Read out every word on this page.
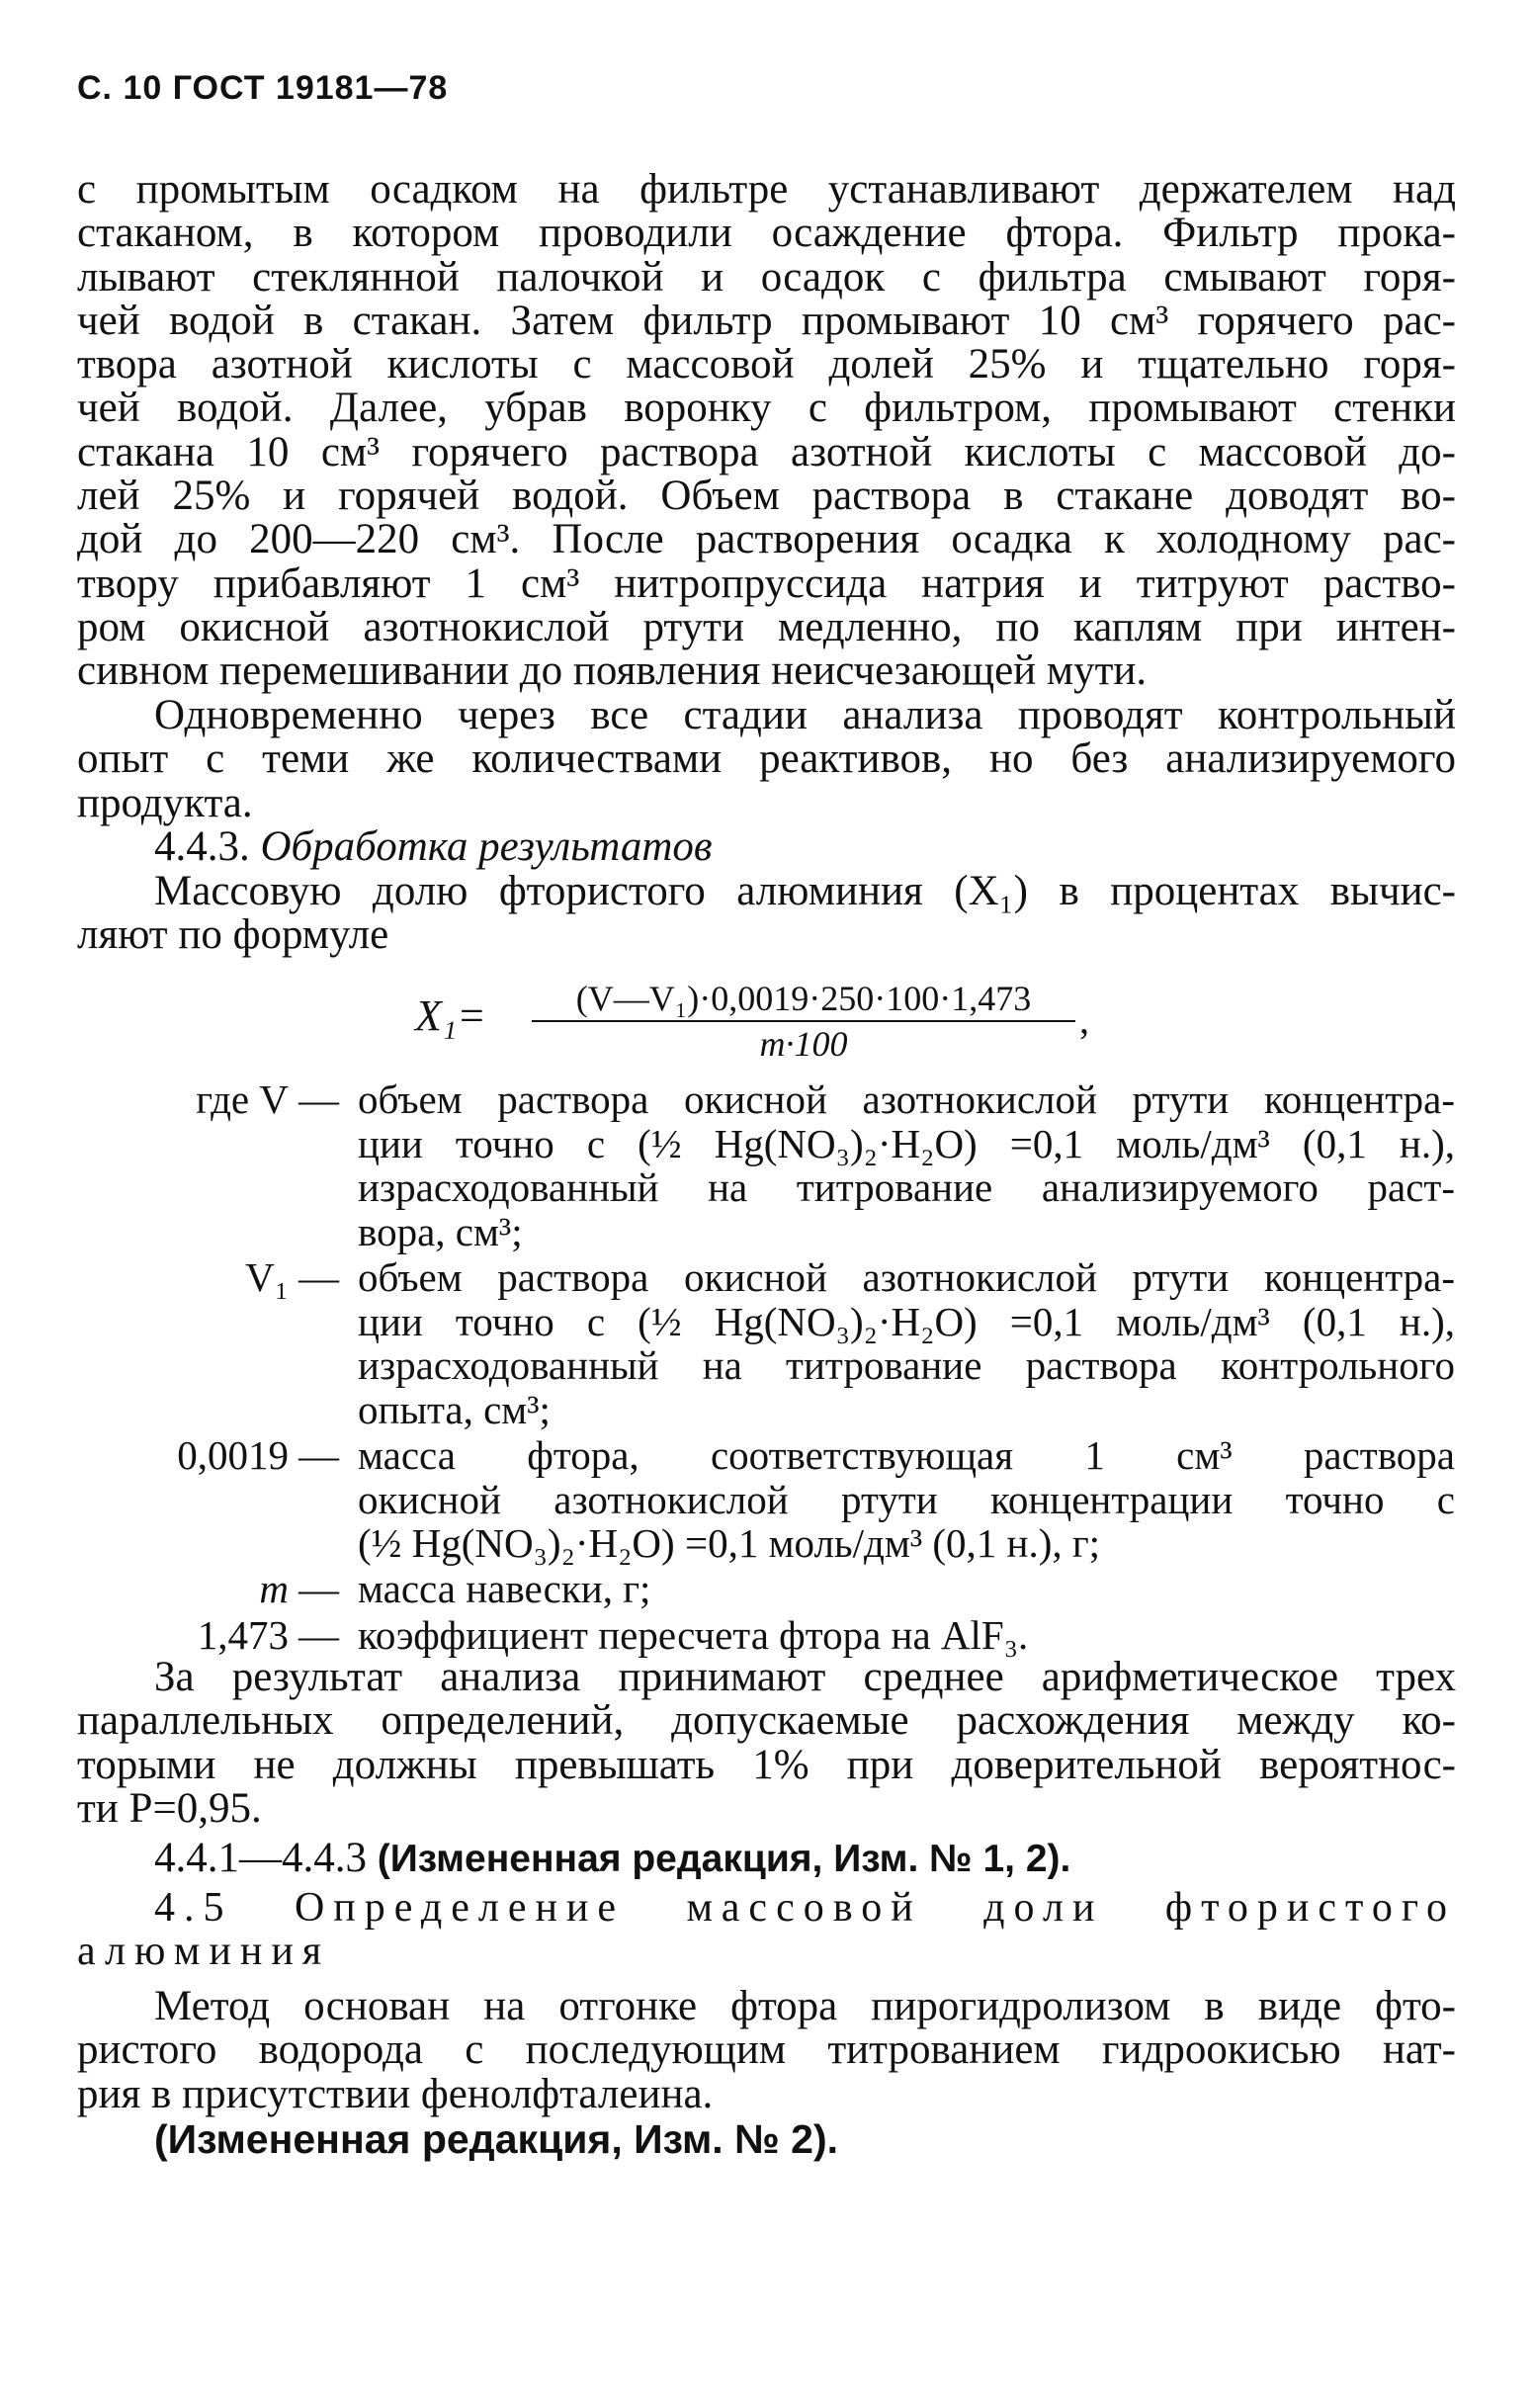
С. 10 ГОСТ 19181—78
с промытым осадком на фильтре устанавливают держателем над
стаканом, в котором проводили осаждение фтора. Фильтр прока-
лывают стеклянной палочкой и осадок с фильтра смывают горя-
чей водой в стакан. Затем фильтр промывают 10 см³ горячего рас-
твора азотной кислоты с массовой долей 25% и тщательно горя-
чей водой. Далее, убрав воронку с фильтром, промывают стенки
стакана 10 см³ горячего раствора азотной кислоты с массовой до-
лей 25% и горячей водой. Объем раствора в стакане доводят во-
дой до 200—220 см³. После растворения осадка к холодному рас-
твору прибавляют 1 см³ нитропруссида натрия и титруют раство-
ром окисной азотнокислой ртути медленно, по каплям при интен-
сивном перемешивании до появления неисчезающей мути.
Одновременно через все стадии анализа проводят контрольный
опыт с теми же количествами реактивов, но без анализируемого
продукта.
4.4.3. Обработка результатов
Массовую долю фтористого алюминия (X₁) в процентах вычис-
ляют по формуле
X₁=	(V—V₁)·0,0019·250·100·1,473
m·100
,
где V — объем раствора окисной азотнокислой ртути концентра-
ции точно c (½ Hg(NO₃)₂·H₂O) =0,1 моль/дм³ (0,1 н.),
израсходованный на титрование анализируемого раст-
вора, см³;
V₁ — объем раствора окисной азотнокислой ртути концентра-
ции точно c (½ Hg(NO₃)₂·H₂O) =0,1 моль/дм³ (0,1 н.),
израсходованный на титрование раствора контрольного
опыта, см³;
0,0019 — масса фтора, соответствующая 1 см³ раствора
окисной азотнокислой ртути концентрации точно c
(½ Hg(NO₃)₂·H₂O) =0,1 моль/дм³ (0,1 н.), г;
m — масса навески, г;
1,473 — коэффициент пересчета фтора на AlF₃.
За результат анализа принимают среднее арифметическое трех
параллельных определений, допускаемые расхождения между ко-
торыми не должны превышать 1% при доверительной вероятнос-
ти P=0,95.
4.4.1—4.4.3 (Измененная редакция, Изм. № 1, 2).
4.5 Определение массовой доли фтористого
алюминия
Метод основан на отгонке фтора пирогидролизом в виде фто-
ристого водорода с последующим титрованием гидроокисью нат-
рия в присутствии фенолфталеина.
(Измененная редакция, Изм. № 2).
